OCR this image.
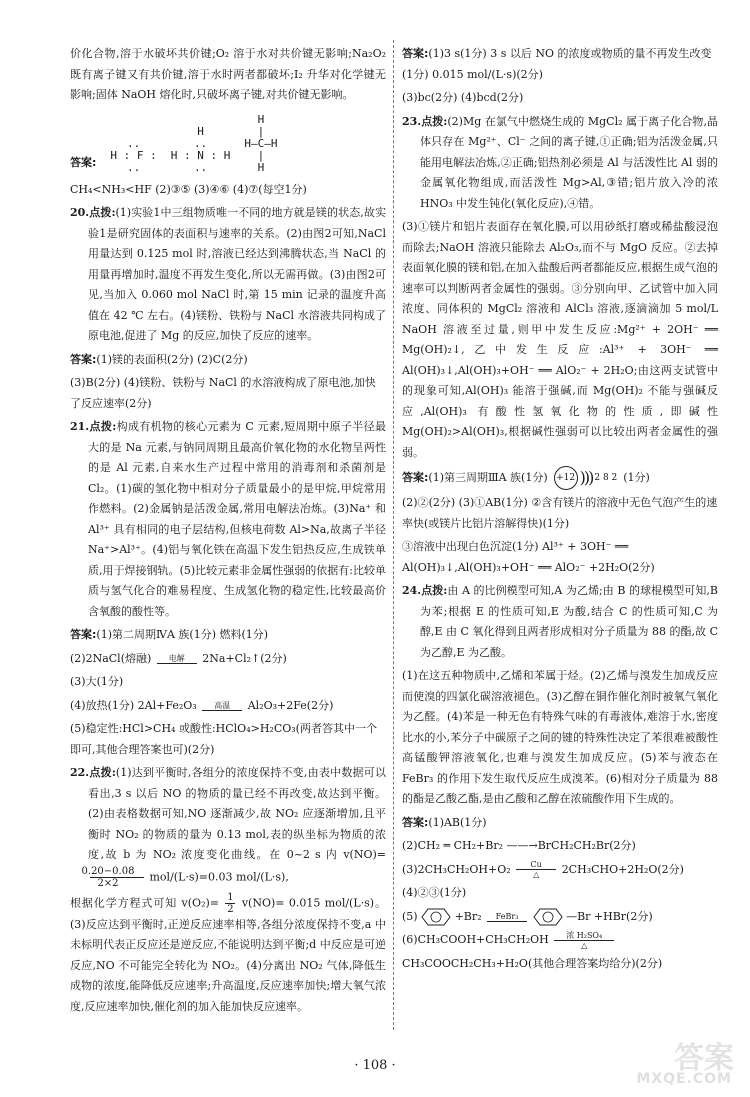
价化合物,溶于水破坏共价键;O₂ 溶于水对共价键无影响;Na₂O₂ 既有离子键又有共价键,溶于水时两者都破坏;I₂ 升华对化学键无影响;固体 NaOH 熔化时,只破坏离子键,对共价键无影响。

答案:
..
H : F :
..
H
..
H : N : H
..
H
|
H—C—H
|
H
CH₄<NH₃<HF (2)③⑤ (3)④⑥ (4)⑦(每空1分)

20.点拨:(1)实验1中三组物质唯一不同的地方就是镁的状态,故实验1是研究固体的表面积与速率的关系。(2)由图2可知,NaCl 用量达到 0.125 mol 时,溶液已经达到沸腾状态,当 NaCl 的用量再增加时,温度不再发生变化,所以无需再做。(3)由图2可见,当加入 0.060 mol NaCl 时,第 15 min 记录的温度升高值在 42 ℃ 左右。(4)镁粉、铁粉与 NaCl 水溶液共同构成了原电池,促进了 Mg 的反应,加快了反应的速率。

答案:(1)镁的表面积(2分) (2)C(2分)

(3)B(2分) (4)镁粉、铁粉与 NaCl 的水溶液构成了原电池,加快了反应速率(2分)

21.点拨:构成有机物的核心元素为 C 元素,短周期中原子半径最大的是 Na 元素,与钠同周期且最高价氧化物的水化物呈两性的是 Al 元素,自来水生产过程中常用的消毒剂和杀菌剂是 Cl₂。(1)碳的氢化物中相对分子质量最小的是甲烷,甲烷常用作燃料。(2)金属钠是活泼金属,常用电解法冶炼。(3)Na⁺ 和 Al³⁺ 具有相同的电子层结构,但核电荷数 Al>Na,故离子半径 Na⁺>Al³⁺。(4)铝与氧化铁在高温下发生铝热反应,生成铁单质,用于焊接钢轨。(5)比较元素非金属性强弱的依据有:比较单质与氢气化合的难易程度、生成氢化物的稳定性,比较最高价含氧酸的酸性等。

答案:(1)第二周期ⅣA 族(1分) 燃料(1分)

(2)2NaCl(熔融) 电解 2Na+Cl₂↑(2分)

(3)大(1分)

(4)放热(1分) 2Al+Fe₂O₃ 高温 Al₂O₃+2Fe(2分)

(5)稳定性:HCl>CH₄ 或酸性:HClO₄>H₂CO₃(两者答其中一个即可,其他合理答案也可)(2分)

22.点拨:(1)达到平衡时,各组分的浓度保持不变,由表中数据可以看出,3 s 以后 NO 的物质的量已经不再改变,故达到平衡。(2)由表格数据可知,NO 逐渐减少,故 NO₂ 应逐渐增加,且平衡时 NO₂ 的物质的量为 0.13 mol,表的纵坐标为物质的浓度,故 b 为 NO₂ 浓度变化曲线。在 0~2 s 内 v(NO)=
$\frac{0.20-0.08}{2\times 2} mol/(L\cdot s)=0.03$ mol/(L·s),

根据化学方程式可知 $v(O_2)= \frac{1}{2} v(NO)= 0.015$ mol/(L·s)。(3)反应达到平衡时,正逆反应速率相等,各组分浓度保持不变,a 中未标明代表正反应还是逆反应,不能说明达到平衡;d 中反应是可逆反应,NO 不可能完全转化为 NO₂。(4)分离出 NO₂ 气体,降低生成物的浓度,能降低反应速率;升高温度,反应速率加快;增大氧气浓度,反应速率加快,催化剂的加入能加快反应速率。

答案:(1)3 s(1分) 3 s 以后 NO 的浓度或物质的量不再发生改变(1分) 0.015 mol/(L·s)(2分)

(3)bc(2分) (4)bcd(2分)

23.点拨:(2)Mg 在氯气中燃烧生成的 MgCl₂ 属于离子化合物,晶体只存在 Mg²⁺、Cl⁻ 之间的离子键,①正确;铝为活泼金属,只能用电解法冶炼,②正确;铝热剂必须是 Al 与活泼性比 Al 弱的金属氧化物组成,而活泼性 Mg>Al,③错;铝片放入冷的浓 HNO₃ 中发生钝化(氧化反应),④错。

(3)①镁片和铝片表面存在氧化膜,可以用砂纸打磨或稀盐酸浸泡而除去;NaOH 溶液只能除去 Al₂O₃,而不与 MgO 反应。②去掉表面氧化膜的镁和铝,在加入盐酸后两者都能反应,根据生成气泡的速率可以判断两者金属性的强弱。③分别向甲、乙试管中加入同浓度、同体积的 MgCl₂ 溶液和 AlCl₃ 溶液,逐滴滴加 5 mol/L NaOH 溶液至过量,则甲中发生反应:Mg²⁺ + 2OH⁻ ══ Mg(OH)₂↓,乙中发生反应:Al³⁺ + 3OH⁻ ══ Al(OH)₃↓,Al(OH)₃+OH⁻ ══ AlO₂⁻ + 2H₂O;由这两支试管中的现象可知,Al(OH)₃ 能溶于强碱,而 Mg(OH)₂ 不能与强碱反应,Al(OH)₃ 有酸性氢氧化物的性质,即碱性 Mg(OH)₂>Al(OH)₃,根据碱性强弱可以比较出两者金属性的强弱。

答案: (1)第三周期ⅢA 族(1分) +12 ))) 2 8 2 (1分)

(2)②(2分) (3)①AB(1分) ②含有镁片的溶液中无色气泡产生的速率快(或镁片比铝片溶解得快)(1分)

③溶液中出现白色沉淀(1分) Al³⁺ + 3OH⁻ ══ Al(OH)₃↓,Al(OH)₃+OH⁻ ══ AlO₂⁻ +2H₂O(2分)

24.点拨:由 A 的比例模型可知,A 为乙烯;由 B 的球棍模型可知,B 为苯;根据 E 的性质可知,E 为酸,结合 C 的性质可知,C 为醇,E 由 C 氧化得到且两者形成相对分子质量为 88 的酯,故 C 为乙醇,E 为乙酸。

(1)在这五种物质中,乙烯和苯属于烃。(2)乙烯与溴发生加成反应而使溴的四氯化碳溶液褪色。(3)乙醇在铜作催化剂时被氧气氧化为乙醛。(4)苯是一种无色有特殊气味的有毒液体,难溶于水,密度比水的小,苯分子中碳原子之间的键的特殊性决定了苯很难被酸性高锰酸钾溶液氧化,也难与溴发生加成反应。(5)苯与液态在 FeBr₃ 的作用下发生取代反应生成溴苯。(6)相对分子质量为 88 的酯是乙酸乙酯,是由乙酸和乙醇在浓硫酸作用下生成的。

答案:(1)AB(1分)

(2)CH₂ ═ CH₂+Br₂ ——→BrCH₂CH₂Br(2分)

(3)2CH₃CH₂OH+O₂ Cu
△ 2CH₃CHO+2H₂O(2分)

(4)②③(1分)

(5)	+Br₂ FeBr₃	—Br +HBr(2分)

(6)CH₃COOH+CH₃CH₂OH 浓 H₂SO₄
△

CH₃COOCH₂CH₃+H₂O(其他合理答案均给分)(2分)

· 108 ·	答案
MXQE.COM
